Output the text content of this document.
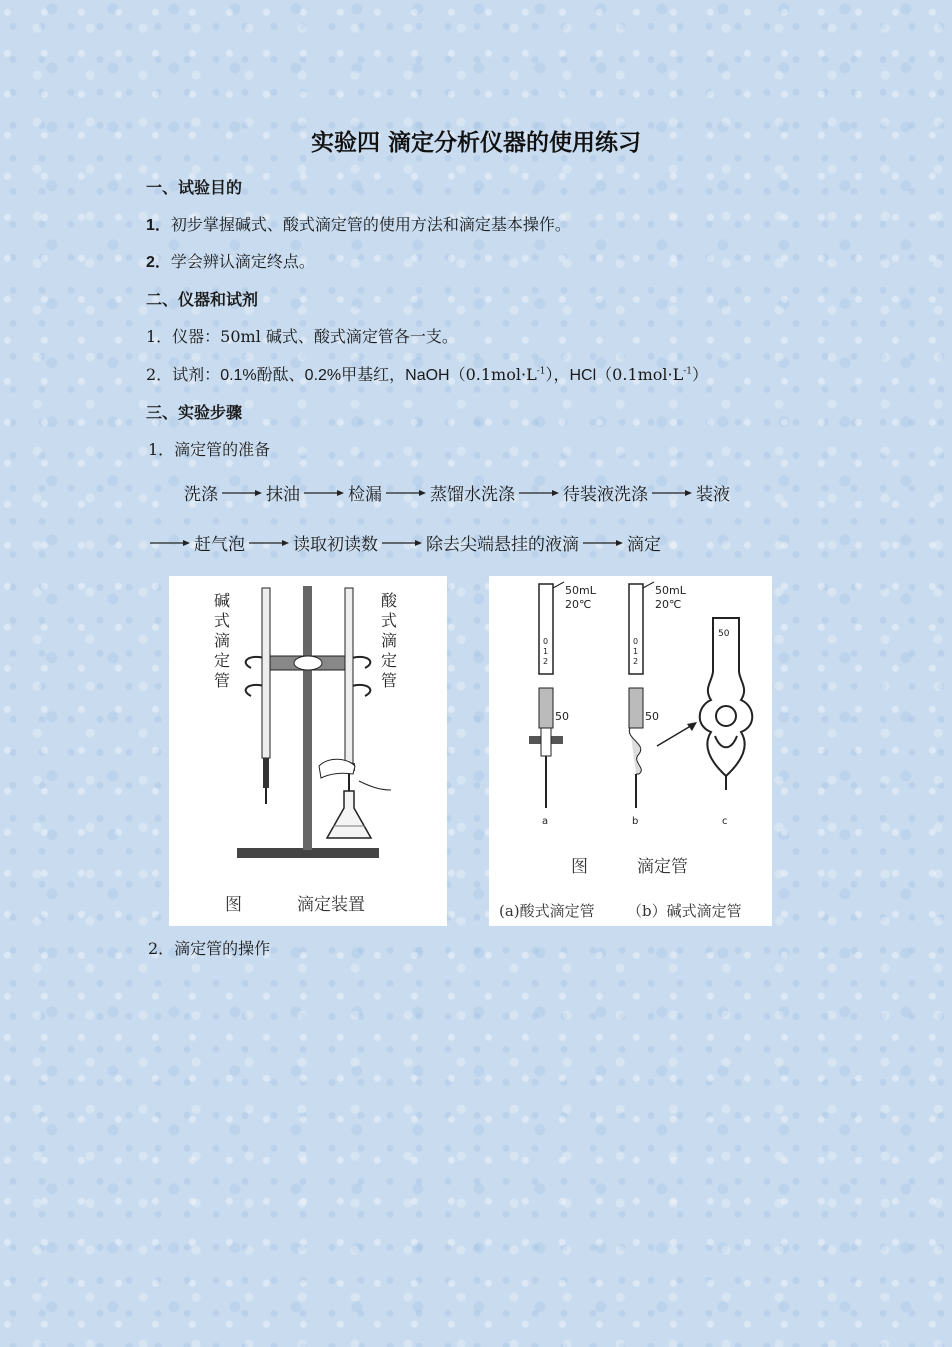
实验四 滴定分析仪器的使用练习
一、试验目的
1．初步掌握碱式、酸式滴定管的使用方法和滴定基本操作。
2．学会辨认滴定终点。
二、仪器和试剂
1．仪器：50ml 碱式、酸式滴定管各一支。
2．试剂：0.1%酚酞、0.2%甲基红，$NaOH(0.1mol\cdot L^{-1})$，$HCl(0.1mol\cdot L^{-1})$
三、实验步骤
1．滴定管的准备
洗涤	抹油	检漏	蒸馏水洗涤	待装液洗涤	装液
赶气泡	读取初读数	除去尖端悬挂的液滴	滴定
碱
式
滴
定
管
酸
式
滴
定
管
图	滴定装置
50mL
20℃
50mL
20℃
50	50
50
0
1
2
0
1
2
a	b	c
图	滴定管
(a)酸式滴定管 （b）碱式滴定管
2．滴定管的操作
